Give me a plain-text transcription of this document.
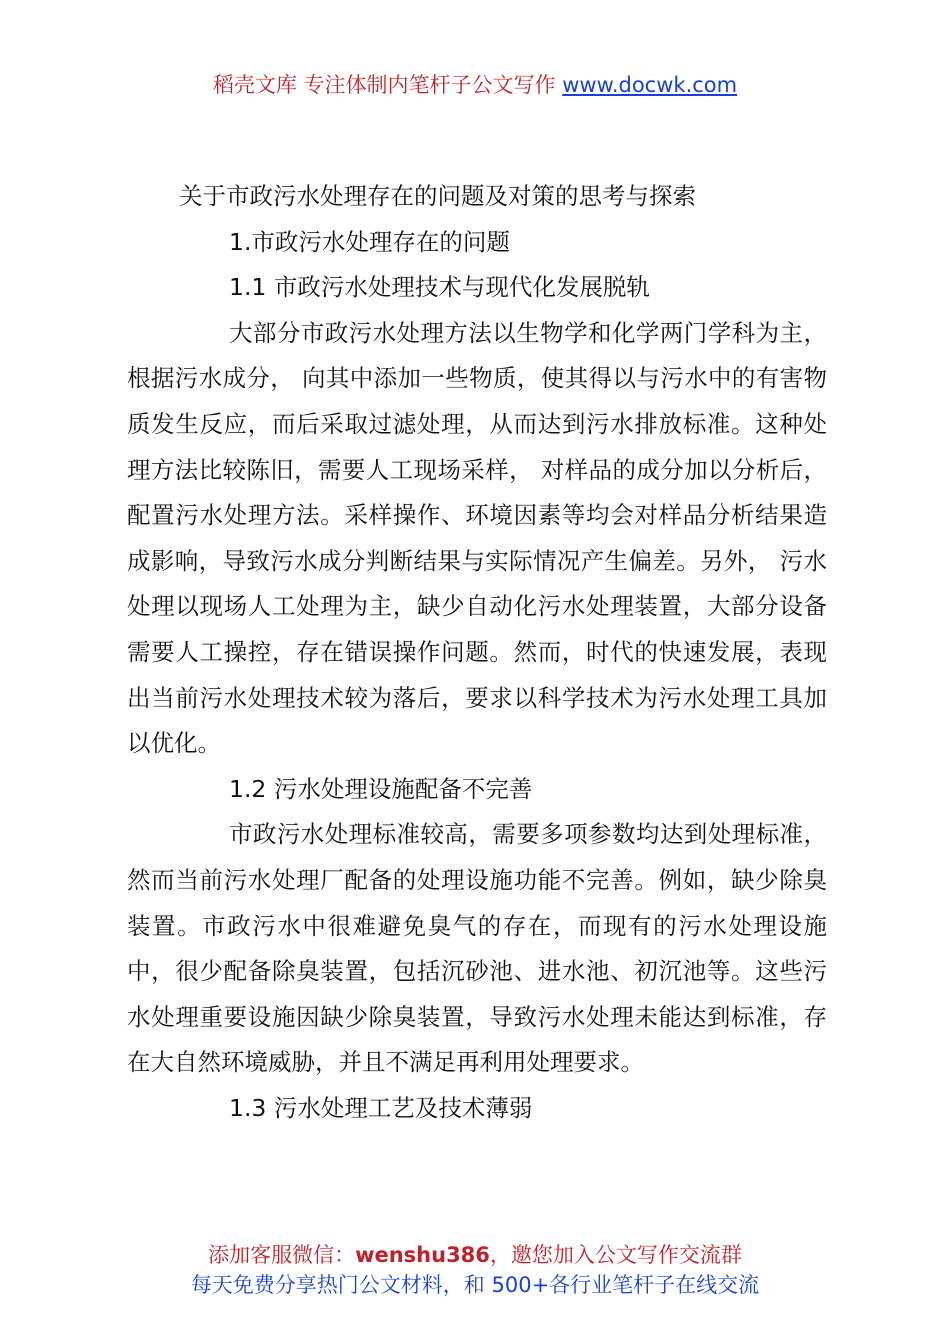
稻壳文库 专注体制内笔杆子公文写作 www.docwk.com

关于市政污水处理存在的问题及对策的思考与探索

1.市政污水处理存在的问题

1.1 市政污水处理技术与现代化发展脱轨

大部分市政污水处理方法以生物学和化学两门学科为主，根据污水成分， 向其中添加一些物质，使其得以与污水中的有害物质发生反应，而后采取过滤处理，从而达到污水排放标准。这种处理方法比较陈旧，需要人工现场采样， 对样品的成分加以分析后，配置污水处理方法。采样操作、环境因素等均会对样品分析结果造成影响，导致污水成分判断结果与实际情况产生偏差。另外， 污水处理以现场人工处理为主，缺少自动化污水处理装置，大部分设备需要人工操控，存在错误操作问题。然而，时代的快速发展，表现出当前污水处理技术较为落后，要求以科学技术为污水处理工具加以优化。

1.2 污水处理设施配备不完善

市政污水处理标准较高，需要多项参数均达到处理标准，然而当前污水处理厂配备的处理设施功能不完善。例如，缺少除臭装置。市政污水中很难避免臭气的存在，而现有的污水处理设施中，很少配备除臭装置，包括沉砂池、进水池、初沉池等。这些污水处理重要设施因缺少除臭装置，导致污水处理未能达到标准，存在大自然环境威胁，并且不满足再利用处理要求。

1.3 污水处理工艺及技术薄弱

添加客服微信：wenshu386，邀您加入公文写作交流群
每天免费分享热门公文材料，和 500+各行业笔杆子在线交流
